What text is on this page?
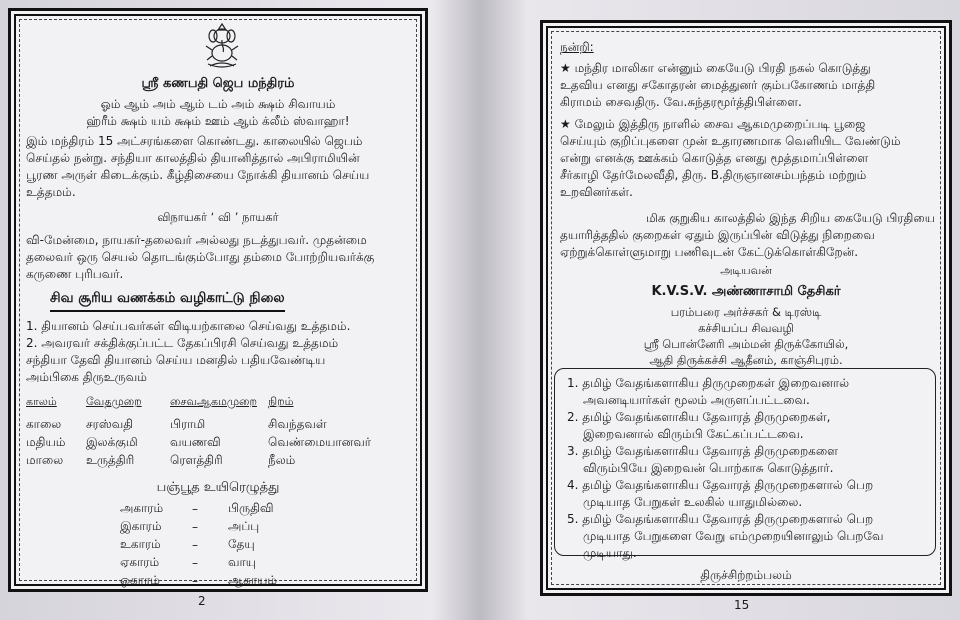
ஸ்ரீ கணபதி ஜெப மந்திரம்
ஓம் ஆம் அம் ஆம் டம் அம் க்ஷம் சிவாயம்
ஹ்ரீம் க்ஷம் யம் க்ஷம் ஊம் ஆம் க்லீம் ஸ்வாஹா!
இம் மந்திரம் 15 அட்சரங்களை கொண்டது. காலையில் ஜெபம்
செய்தல் நன்று. சந்தியா காலத்தில் தியானித்தால் அபிராமியின்
பூரண அருள் கிடைக்கும். கீழ்திசையை நோக்கி தியானம் செய்ய
உத்தமம்.
விநாயகர் ‘ வி ’ நாயகர்
வி-மேன்மை, நாயகர்-தலைவர் அல்லது நடத்துபவர். முதன்மை
தலைவர் ஒரு செயல் தொடங்கும்போது தம்மை போற்றியவர்க்கு
கருணை புரிபவர்.
சிவ சூரிய வணக்கம் வழிகாட்டு நிலை
1. தியானம் செய்பவர்கள் விடியற்காலை செய்வது உத்தமம்.
2. அவரவர் சக்திக்குப்பட்ட தேகப்பிரசி செய்வது உத்தமம்
சந்தியா தேவி தியானம் செய்ய மனதில் பதியவேண்டிய
அம்பிகை திருஉருவம்
காலம்	வேதமுறை	சைவஆகமமுறை	நிறம்
காலை	சரஸ்வதி	பிராமி	சிவந்தவள்
மதியம்	இலக்குமி	வயணவி	வெண்மையானவர்
மாலை	உருத்திரி	ரௌத்திரி	நீலம்
பஞ்பூத உயிரெழுத்து
அகாரம்	–	பிருதிவி
இகாரம்	–	அப்பு
உகாரம்	–	தேயு
ஏகாரம்	–	வாயு
ஒகாரம்	–	ஆகாயம்
2
நன்றி:
★ மந்திர மாலிகா என்னும் கையேடு பிரதி நகல் கொடுத்து
உதவிய எனது சகோதரன் மைத்துனர் கும்பகோணம் மாத்தி
கிராமம் சைவதிரு. வே.சுந்தரமூர்த்திபிள்ளை.
★ மேலும் இத்திரு நாளில் சைவ ஆகமமுறைப்படி பூஜை
செய்யும் குறிப்புகளை முன் உதாரணமாக வெளியிட வேண்டும்
என்று எனக்கு ஊக்கம் கொடுத்த எனது மூத்தமாப்பிள்ளை
சீர்காழி தேர்மேலவீதி, திரு. B.திருஞானசம்பந்தம் மற்றும்
உறவினர்கள்.
மிக குறுகிய காலத்தில் இந்த சிறிய கையேடு பிரதியை
தயாரித்ததில் குறைகள் ஏதும் இருப்பின் விடுத்து நிறைவை
ஏற்றுக்கொள்ளுமாறு பணிவுடன் கேட்டுக்கொள்கிறேன்.
அடியவன்
K.V.S.V. அண்ணாசாமி தேசிகர்
பரம்பரை அர்ச்சகர் & டிரஸ்டி
கச்சியப்ப சிவவழி
ஸ்ரீ பொன்னேரி அம்மன் திருக்கோயில்,
ஆதி திருக்கச்சி ஆதீனம், காஞ்சிபுரம்.
1. தமிழ் வேதங்களாகிய திருமுறைகள் இறைவனால்
அவனடியார்கள் மூலம் அருளப்பட்டவை.
2. தமிழ் வேதங்களாகிய தேவாரத் திருமுறைகள்,
இறைவனால் விரும்பி கேட்கப்பட்டவை.
3. தமிழ் வேதங்களாகிய தேவாரத் திருமுறைகளை
விரும்பியே இறைவன் பொற்காசு கொடுத்தார்.
4. தமிழ் வேதங்களாகிய தேவாரத் திருமுறைகளால் பெற
முடியாத பேறுகள் உலகில் யாதுமில்லை.
5. தமிழ் வேதங்களாகிய தேவாரத் திருமுறைகளால் பெற
முடியாத பேறுகளை வேறு எம்முறையினாலும் பெறவே
முடியாது.
திருச்சிற்றம்பலம்
15
